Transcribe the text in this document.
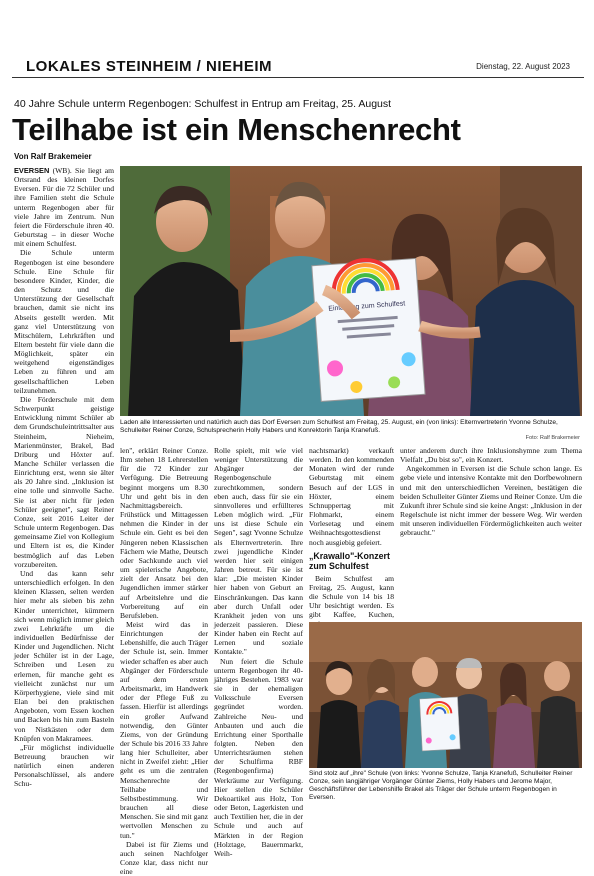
LOKALES STEINHEIM / NIEHEIM	Dienstag, 22. August 2023
40 Jahre Schule unterm Regenbogen: Schulfest in Entrup am Freitag, 25. August
Teilhabe ist ein Menschenrecht
Von Ralf Brakemeier

EVERSEN (WB). Sie liegt am Ortsrand des kleinen Dorfes Eversen. Für die 72 Schüler und ihre Familien steht die Schule unterm Regenbogen aber für viele Jahre im Zentrum. Nun feiert die Förderschule ihren 40. Geburtstag – in dieser Woche mit einem Schulfest.

Die Schule unterm Regenbogen ist eine besondere Schule. Eine Schule für besondere Kinder, Kinder, die den Schutz und die Unterstützung der Gesellschaft brauchen, damit sie nicht ins Abseits gestellt werden. Mit ganz viel Unterstützung von Mitschülern, Lehrkräften und Eltern besteht für viele dann die Möglichkeit, später ein weitgehend eigenständiges Leben zu führen und am gesellschaftlichen Leben teilzunehmen.

Die Förderschule mit dem Schwerpunkt geistige Entwicklung nimmt Schüler ab dem Grundschuleintrittsalter aus Steinheim, Nieheim, Marienmünster, Brakel, Bad Driburg und Höxter auf. Manche Schüler verlassen die Einrichtung erst, wenn sie älter als 20 Jahre sind. „Inklusion ist eine tolle und sinnvolle Sache. Sie ist aber nicht für jeden Schüler geeignet", sagt Reiner Conze, seit 2016 Leiter der Schule unterm Regenbogen. Das gemeinsame Ziel von Kollegium und Eltern ist es, die Kinder bestmöglich auf das Leben vorzubereiten.

Und das kann sehr unterschiedlich erfolgen. In den kleinen Klassen, selten werden hier mehr als sieben bis zehn Kinder unterrichtet, kümmern sich wenn möglich immer gleich zwei Lehrkräfte um die individuellen Bedürfnisse der Kinder und Jugendlichen. Nicht jeder Schüler ist in der Lage, Schreiben und Lesen zu erlernen, für manche geht es vielleicht zunächst nur um Körperhygiene, viele sind mit Elan bei den praktischen Angeboten, vom Essen kochen und Backen bis hin zum Basteln von Nistkästen oder dem Knüpfen von Makramees.

„Für möglichst individuelle Betreuung brauchen wir natürlich einen anderen Personalschlüssel, als andere Schu-

Einladung zum Schulfest
Laden alle Interessierten und natürlich auch das Dorf Eversen zum Schulfest am Freitag, 25. August, ein (von links): Elternvertreterin Yvonne Schulze, Schulleiter Reiner Conze, Schulsprecherin Holly Habers und Konrektorin Tanja Kranefuß.
Foto: Ralf Brakemeier

len", erklärt Reiner Conze. Ihm stehen 18 Lehrerstellen für die 72 Kinder zur Verfügung. Die Betreuung beginnt morgens um 8.30 Uhr und geht bis in den Nachmittagsbereich. Frühstück und Mittagessen nehmen die Kinder in der Schule ein. Geht es bei den Jüngeren neben Klassischen Fächern wie Mathe, Deutsch oder Sachkunde auch viel um spielerische Angebote, zielt der Ansatz bei den Jugendlichen immer stärker auf Arbeitslehre und die Vorbereitung auf ein Berufsleben.

Meist wird das in Einrichtungen der Lebenshilfe, die auch Träger der Schule ist, sein. Immer wieder schaffen es aber auch Abgänger der Förderschule auf dem ersten Arbeitsmarkt, im Handwerk oder der Pflege Fuß zu fassen. Hierfür ist allerdings ein großer Aufwand notwendig, den Günter Ziems, von der Gründung der Schule bis 2016 33 Jahre lang hier Schulleiter, aber nicht in Zweifel zieht: „Hier geht es um die zentralen Menschenrechte der Teilhabe und Selbstbestimmung. Wir brauchen all diese Menschen. Sie sind mit ganz wertvollen Menschen zu tun."

Dabei ist für Ziems und auch seinen Nachfolger Conze klar, dass nicht nur eine

Rolle spielt, mit wie viel weniger Unterstützung die Abgänger der Regenbogenschule zurechtkommen, sondern eben auch, dass für sie ein sinnvolleres und erfüllteres Leben möglich wird. „Für uns ist diese Schule ein Segen", sagt Yvonne Schulze als Elternvertreterin. Ihre zwei jugendliche Kinder werden hier seit einigen Jahren betreut. Für sie ist klar: „Die meisten Kinder hier haben von Geburt an Einschränkungen. Das kann aber durch Unfall oder Krankheit jeden von uns jederzeit passieren. Diese Kinder haben ein Recht auf Lernen und soziale Kontakte."

Nun feiert die Schule unterm Regenbogen ihr 40-jähriges Bestehen. 1983 war sie in der ehemaligen Volksschule Eversen gegründet worden. Zahlreiche Neu- und Anbauten und auch die Errichtung einer Sporthalle folgten. Neben den Unterrichtsräumen stehen der Schulfirma RBF (Regenbogenfirma) Werkräume zur Verfügung. Hier stellen die Schüler Dekoartikel aus Holz, Ton oder Beton, Lagerkisten und auch Textilien her, die in der Schule und auch auf Märkten in der Region (Holztage, Bauernmarkt, Weih-

nachtsmarkt) verkauft werden. In den kommenden Monaten wird der runde Geburtstag mit einem Besuch auf der LGS in Höxter, einem Schnuppertag mit Flohmarkt, einem Vorlesetag und einem Weihnachtsgottesdienst noch ausgiebig gefeiert.

„Krawallo"-Konzert zum Schulfest

Beim Schulfest am Freitag, 25. August, kann die Schule von 14 bis 18 Uhr besichtigt werden. Es gibt Kaffee, Kuchen,

unter anderem durch ihre Inklusionshymne zum Thema Vielfalt „Du bist so", ein Konzert.

Angekommen in Eversen ist die Schule schon lange. Es gebe viele und intensive Kontakte mit den Dorfbewohnern und mit den unterschiedlichen Vereinen, bestätigen die beiden Schulleiter Günter Ziems und Reiner Conze. Um die Zukunft ihrer Schule sind sie keine Angst: „Inklusion in der Regelschule ist nicht immer der bessere Weg. Wir werden mit unseren individuellen Fördermöglichkeiten auch weiter gebraucht."

Sind stolz auf „ihre" Schule (von links: Yvonne Schulze, Tanja Kranefuß, Schulleiter Reiner Conze, sein langjähriger Vorgänger Günter Ziems, Holly Habers und Jerome Major, Geschäftsführer der Lebenshilfe Brakel als Träger der Schule unterm Regenbogen in Eversen.
